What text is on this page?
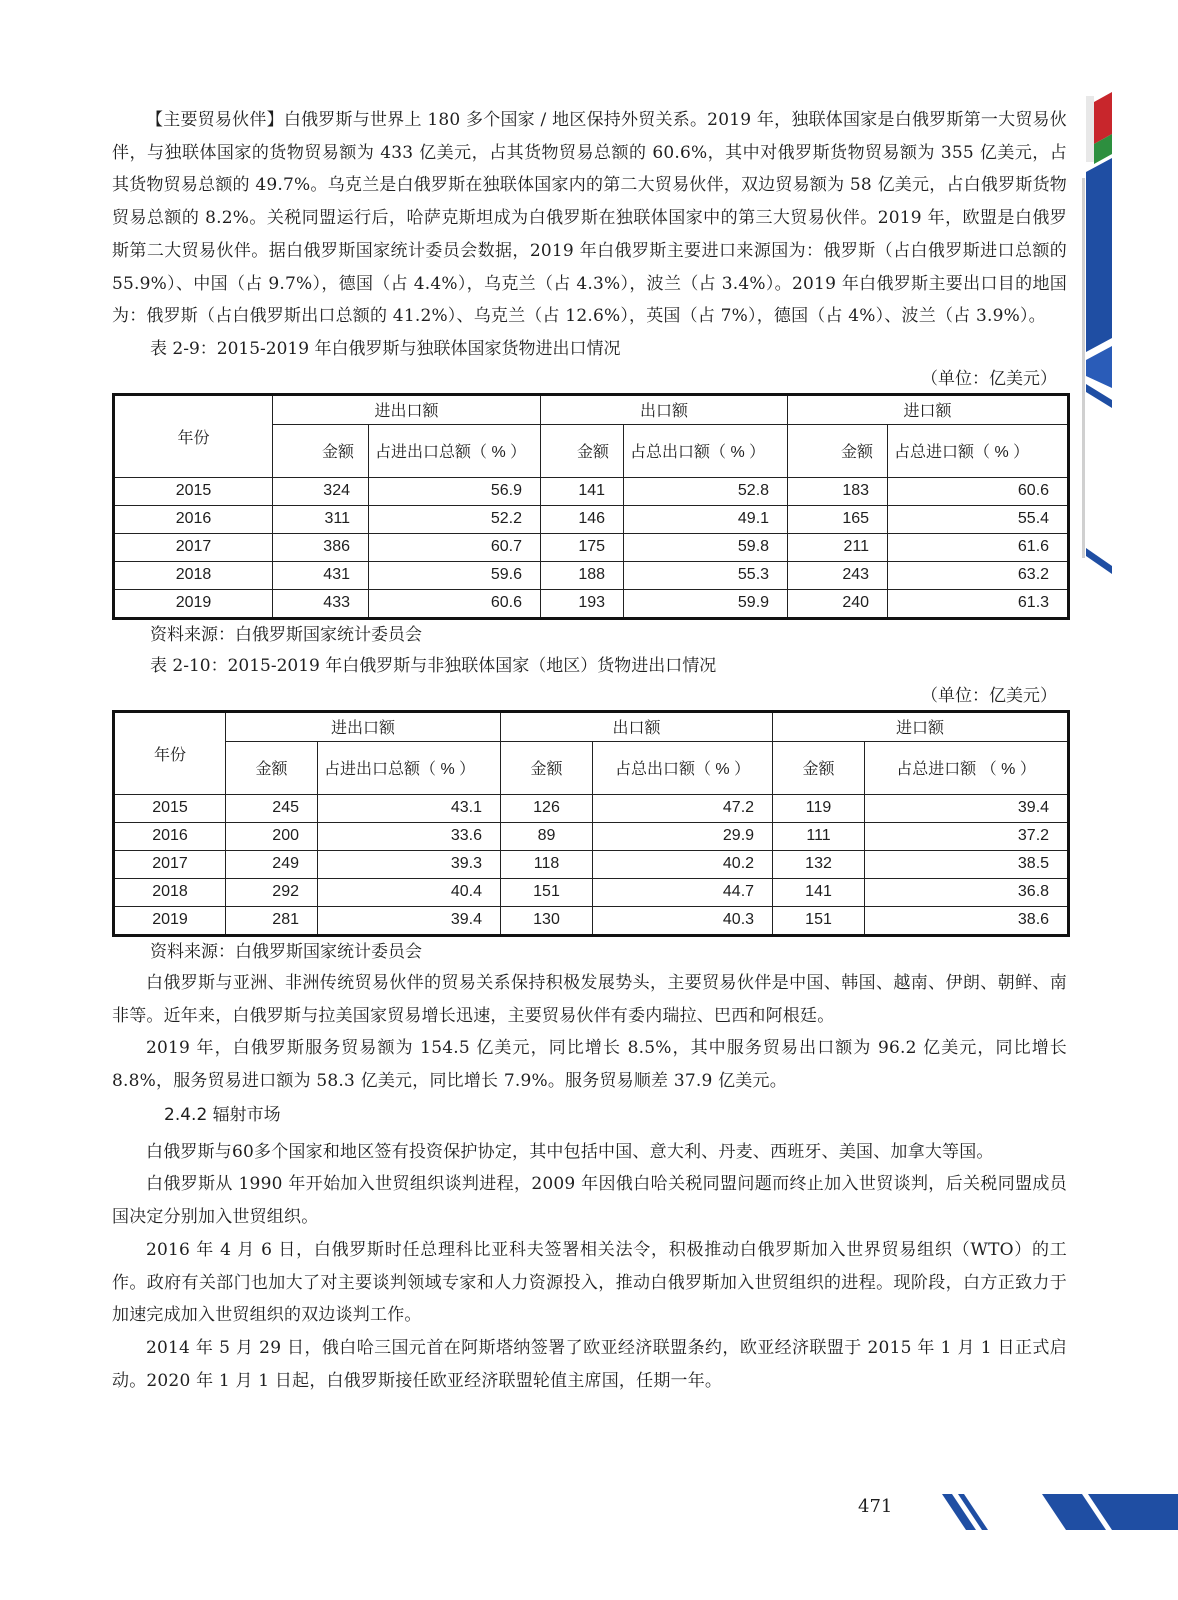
【主要贸易伙伴】白俄罗斯与世界上 180 多个国家 / 地区保持外贸关系。2019 年，独联体国家是白俄罗斯第一大贸易伙伴，与独联体国家的货物贸易额为 433 亿美元，占其货物贸易总额的 60.6%，其中对俄罗斯货物贸易额为 355 亿美元，占其货物贸易总额的 49.7%。乌克兰是白俄罗斯在独联体国家内的第二大贸易伙伴，双边贸易额为 58 亿美元，占白俄罗斯货物贸易总额的 8.2%。关税同盟运行后，哈萨克斯坦成为白俄罗斯在独联体国家中的第三大贸易伙伴。2019 年，欧盟是白俄罗斯第二大贸易伙伴。据白俄罗斯国家统计委员会数据，2019 年白俄罗斯主要进口来源国为：俄罗斯（占白俄罗斯进口总额的 55.9%）、中国（占 9.7%），德国（占 4.4%），乌克兰（占 4.3%），波兰（占 3.4%）。2019 年白俄罗斯主要出口目的地国为：俄罗斯（占白俄罗斯出口总额的 41.2%）、乌克兰（占 12.6%），英国（占 7%），德国（占 4%）、波兰（占 3.9%）。

表 2-9：2015-2019 年白俄罗斯与独联体国家货物进出口情况

（单位：亿美元）

年份	进出口额		出口额		进口额	
	金额	占进出口总额（ % ）	金额	占总出口额（ % ）	金额	占总进口额（ % ）
2015	324	56.9	141	52.8	183	60.6
2016	311	52.2	146	49.1	165	55.4
2017	386	60.7	175	59.8	211	61.6
2018	431	59.6	188	55.3	243	63.2
2019	433	60.6	193	59.9	240	61.3

资料来源：白俄罗斯国家统计委员会

表 2-10：2015-2019 年白俄罗斯与非独联体国家（地区）货物进出口情况

（单位：亿美元）

年份	进出口额		出口额		进口额	
	金额	占进出口总额（ % ）	金额	占总出口额（ % ）	金额	占总进口额 （ % ）
2015	245	43.1	126	47.2	119	39.4
2016	200	33.6	89	29.9	111	37.2
2017	249	39.3	118	40.2	132	38.5
2018	292	40.4	151	44.7	141	36.8
2019	281	39.4	130	40.3	151	38.6

资料来源：白俄罗斯国家统计委员会

白俄罗斯与亚洲、非洲传统贸易伙伴的贸易关系保持积极发展势头，主要贸易伙伴是中国、韩国、越南、伊朗、朝鲜、南非等。近年来，白俄罗斯与拉美国家贸易增长迅速，主要贸易伙伴有委内瑞拉、巴西和阿根廷。

2019 年，白俄罗斯服务贸易额为 154.5 亿美元，同比增长 8.5%，其中服务贸易出口额为 96.2 亿美元，同比增长 8.8%，服务贸易进口额为 58.3 亿美元，同比增长 7.9%。服务贸易顺差 37.9 亿美元。

2.4.2 辐射市场

白俄罗斯与60多个国家和地区签有投资保护协定，其中包括中国、意大利、丹麦、西班牙、美国、加拿大等国。

白俄罗斯从 1990 年开始加入世贸组织谈判进程，2009 年因俄白哈关税同盟问题而终止加入世贸谈判，后关税同盟成员国决定分别加入世贸组织。

2016 年 4 月 6 日，白俄罗斯时任总理科比亚科夫签署相关法令，积极推动白俄罗斯加入世界贸易组织（WTO）的工作。政府有关部门也加大了对主要谈判领域专家和人力资源投入，推动白俄罗斯加入世贸组织的进程。现阶段，白方正致力于加速完成加入世贸组织的双边谈判工作。

2014 年 5 月 29 日，俄白哈三国元首在阿斯塔纳签署了欧亚经济联盟条约，欧亚经济联盟于 2015 年 1 月 1 日正式启动。2020 年 1 月 1 日起，白俄罗斯接任欧亚经济联盟轮值主席国，任期一年。

471
